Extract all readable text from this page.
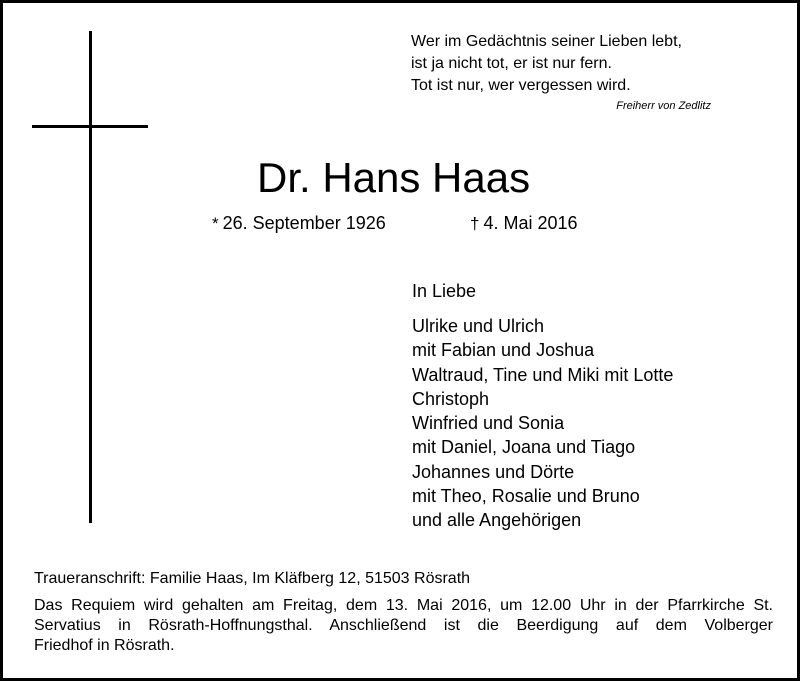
Wer im Gedächtnis seiner Lieben lebt,
ist ja nicht tot, er ist nur fern.
Tot ist nur, wer vergessen wird.
Freiherr von Zedlitz
Dr. Hans Haas
* 26. September 1926	† 4. Mai 2016
In Liebe
Ulrike und Ulrich
mit Fabian und Joshua
Waltraud, Tine und Miki mit Lotte
Christoph
Winfried und Sonia
mit Daniel, Joana und Tiago
Johannes und Dörte
mit Theo, Rosalie und Bruno
und alle Angehörigen
Traueranschrift: Familie Haas, Im Kläfberg 12, 51503 Rösrath
Das Requiem wird gehalten am Freitag, dem 13. Mai 2016, um 12.00 Uhr in der Pfarrkirche St.
Servatius in Rösrath-Hoffnungsthal. Anschließend ist die Beerdigung auf dem Volberger
Friedhof in Rösrath.
